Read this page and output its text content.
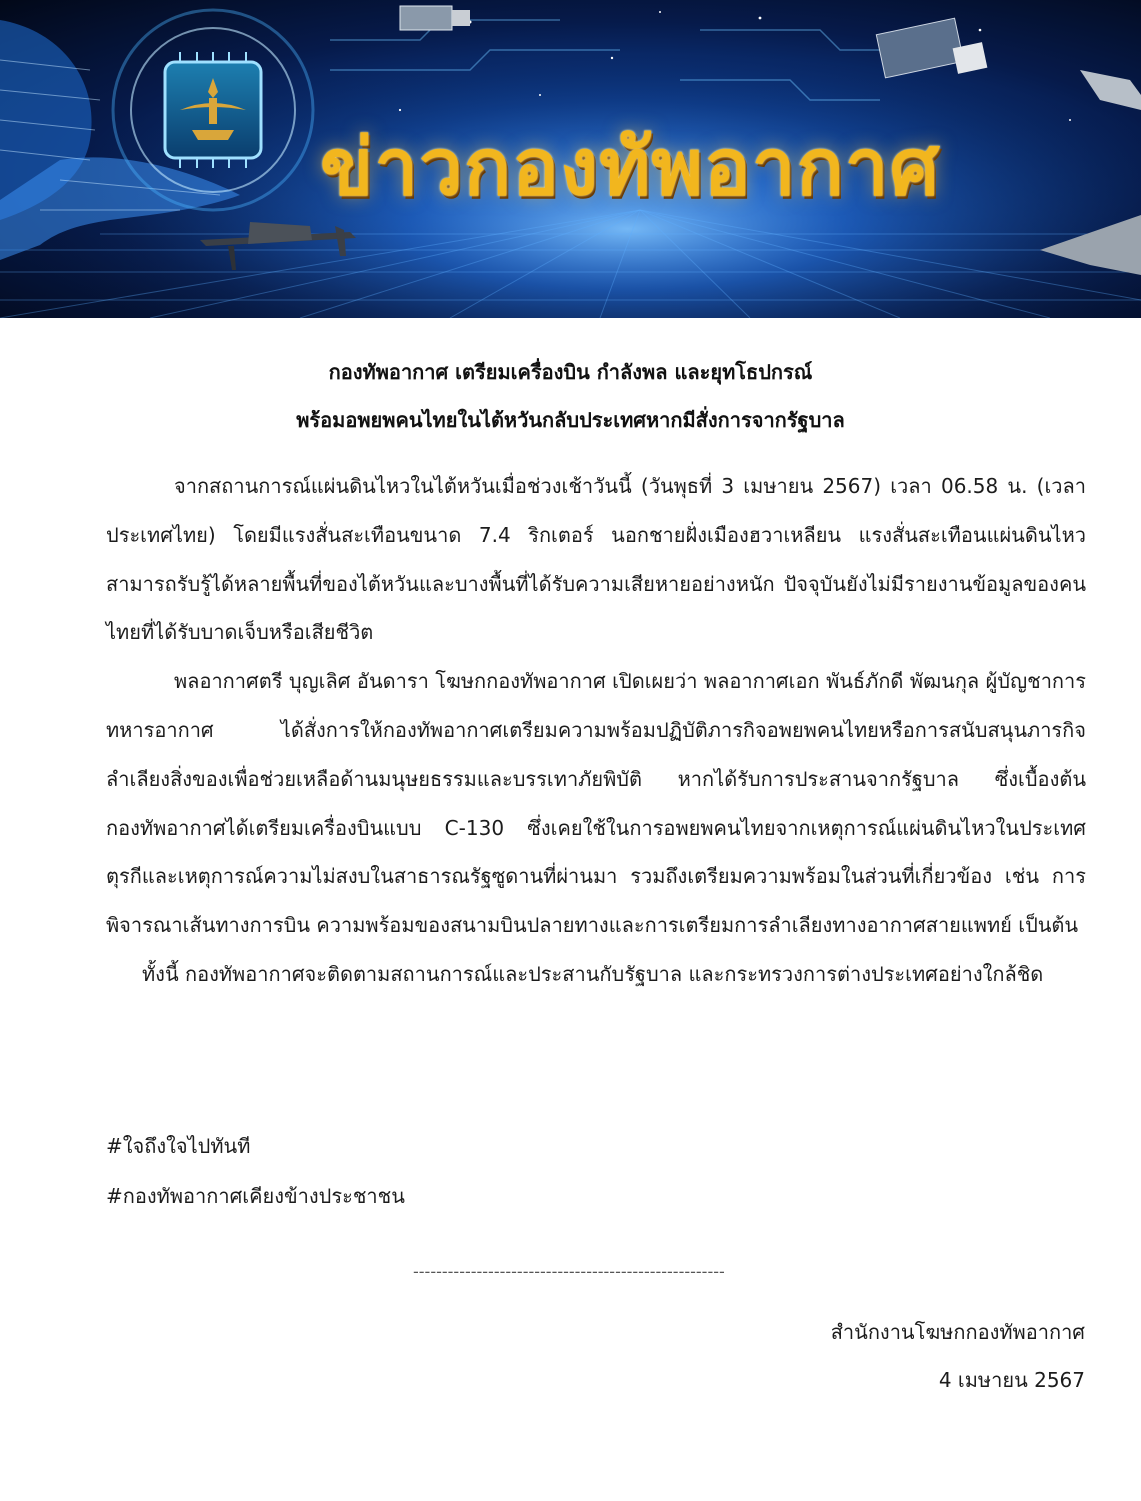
ข่าวกองทัพอากาศ
กองทัพอากาศ เตรียมเครื่องบิน กำลังพล และยุทโธปกรณ์
พร้อมอพยพคนไทยในไต้หวันกลับประเทศหากมีสั่งการจากรัฐบาล

จากสถานการณ์แผ่นดินไหวในไต้หวันเมื่อช่วงเช้าวันนี้ (วันพุธที่ 3 เมษายน 2567) เวลา 06.58 น. (เวลาประเทศไทย) โดยมีแรงสั่นสะเทือนขนาด 7.4 ริกเตอร์ นอกชายฝั่งเมืองฮวาเหลียน แรงสั่นสะเทือนแผ่นดินไหวสามารถรับรู้ได้หลายพื้นที่ของไต้หวันและบางพื้นที่ได้รับความเสียหายอย่างหนัก ปัจจุบันยังไม่มีรายงานข้อมูลของคนไทยที่ได้รับบาดเจ็บหรือเสียชีวิต

พลอากาศตรี บุญเลิศ อันดารา โฆษกกองทัพอากาศ เปิดเผยว่า พลอากาศเอก พันธ์ภักดี พัฒนกุล ผู้บัญชาการทหารอากาศ ได้สั่งการให้กองทัพอากาศเตรียมความพร้อมปฏิบัติภารกิจอพยพคนไทยหรือการสนับสนุนภารกิจลำเลียงสิ่งของเพื่อช่วยเหลือด้านมนุษยธรรมและบรรเทาภัยพิบัติ หากได้รับการประสานจากรัฐบาล ซึ่งเบื้องต้นกองทัพอากาศได้เตรียมเครื่องบินแบบ C-130 ซึ่งเคยใช้ในการอพยพคนไทยจากเหตุการณ์แผ่นดินไหวในประเทศตุรกีและเหตุการณ์ความไม่สงบในสาธารณรัฐซูดานที่ผ่านมา รวมถึงเตรียมความพร้อมในส่วนที่เกี่ยวข้อง เช่น การพิจารณาเส้นทางการบิน ความพร้อมของสนามบินปลายทางและการเตรียมการลำเลียงทางอากาศสายแพทย์ เป็นต้น

ทั้งนี้ กองทัพอากาศจะติดตามสถานการณ์และประสานกับรัฐบาล และกระทรวงการต่างประเทศอย่างใกล้ชิด

#ใจถึงใจไปทันที
#กองทัพอากาศเคียงข้างประชาชน
------------------------------------------------------
สำนักงานโฆษกกองทัพอากาศ
4 เมษายน 2567
